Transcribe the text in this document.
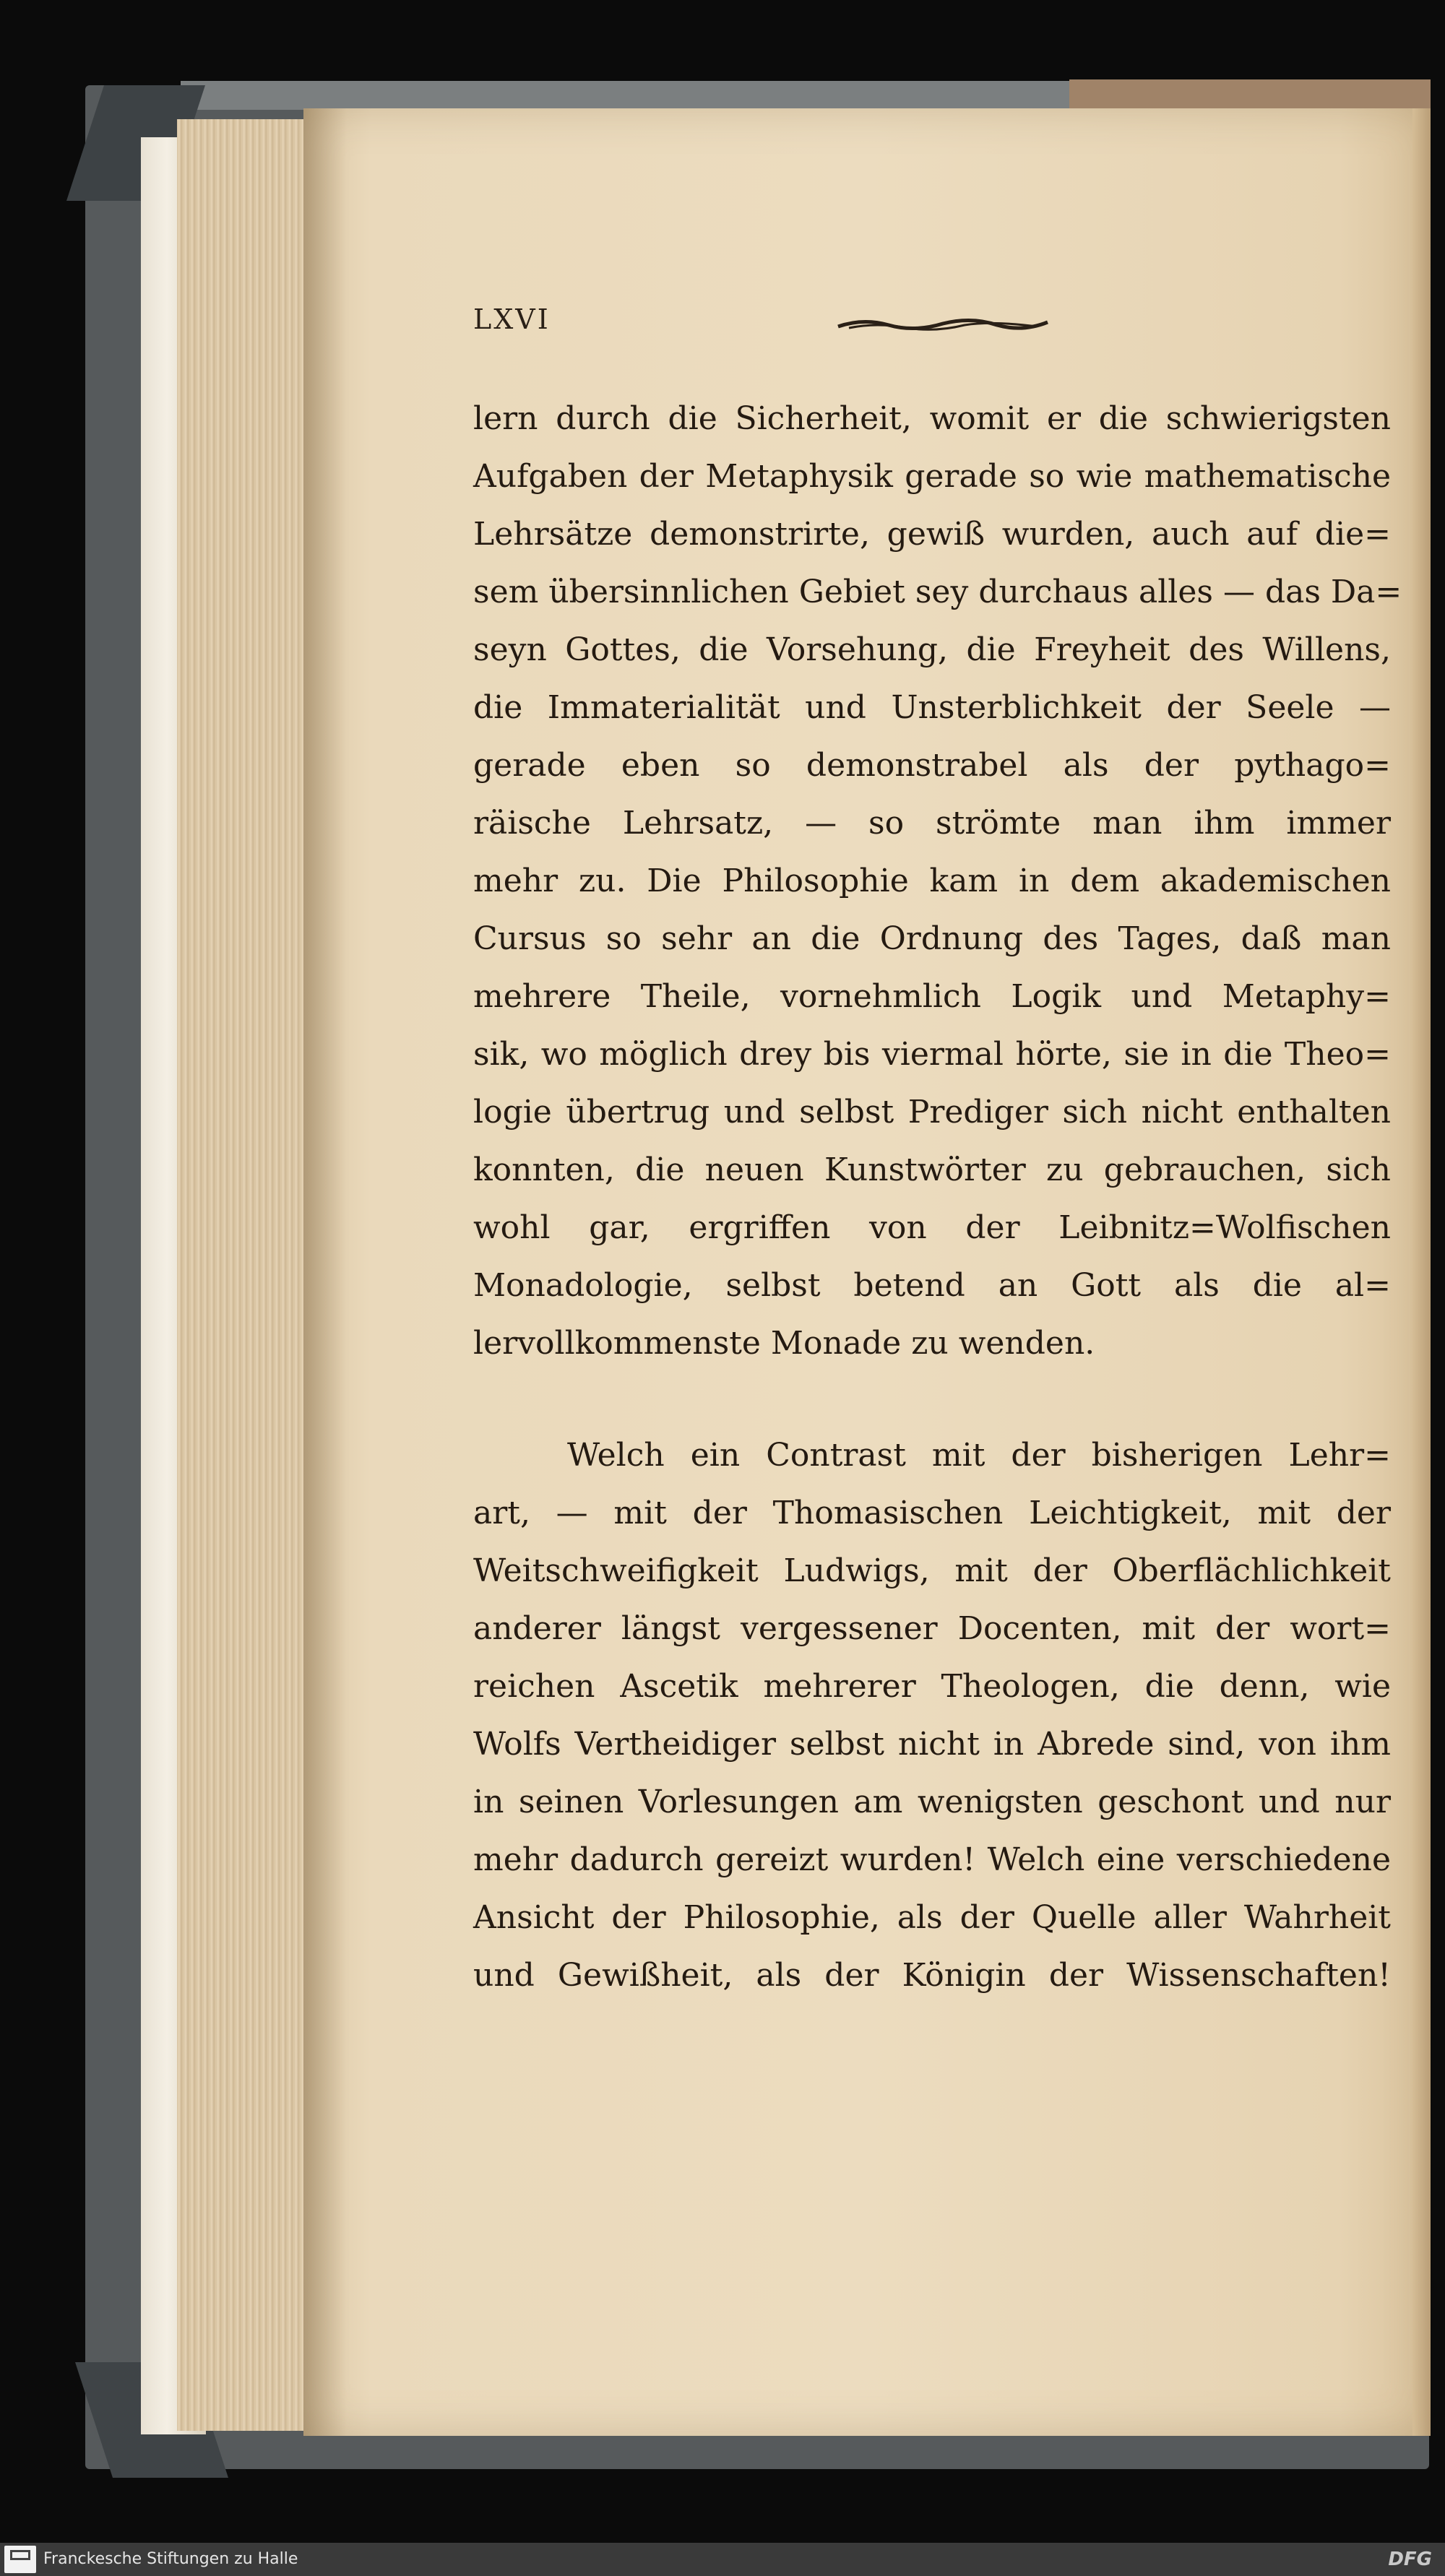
LXVI
lern durch die Sicherheit, womit er die schwierigsten
Aufgaben der Metaphysik gerade so wie mathematische
Lehrsätze demonstrirte, gewiß wurden, auch auf die=
sem übersinnlichen Gebiet sey durchaus alles — das Da=
seyn Gottes, die Vorsehung, die Freyheit des Willens,
die Immaterialität und Unsterblichkeit der Seele —
gerade eben so demonstrabel als der pythago=
räische Lehrsatz, — so strömte man ihm immer
mehr zu. Die Philosophie kam in dem akademischen
Cursus so sehr an die Ordnung des Tages, daß man
mehrere Theile, vornehmlich Logik und Metaphy=
sik, wo möglich drey bis viermal hörte, sie in die Theo=
logie übertrug und selbst Prediger sich nicht enthalten
konnten, die neuen Kunstwörter zu gebrauchen, sich
wohl gar, ergriffen von der Leibnitz=Wolfischen
Monadologie, selbst betend an Gott als die al=
lervollkommenste Monade zu wenden.
Welch ein Contrast mit der bisherigen Lehr=
art, — mit der Thomasischen Leichtigkeit, mit der
Weitschweifigkeit Ludwigs, mit der Oberflächlichkeit
anderer längst vergessener Docenten, mit der wort=
reichen Ascetik mehrerer Theologen, die denn, wie
Wolfs Vertheidiger selbst nicht in Abrede sind, von ihm
in seinen Vorlesungen am wenigsten geschont und nur
mehr dadurch gereizt wurden! Welch eine verschiedene
Ansicht der Philosophie, als der Quelle aller Wahrheit
und Gewißheit, als der Königin der Wissenschaften!
Franckesche Stiftungen zu Halle	DFG
